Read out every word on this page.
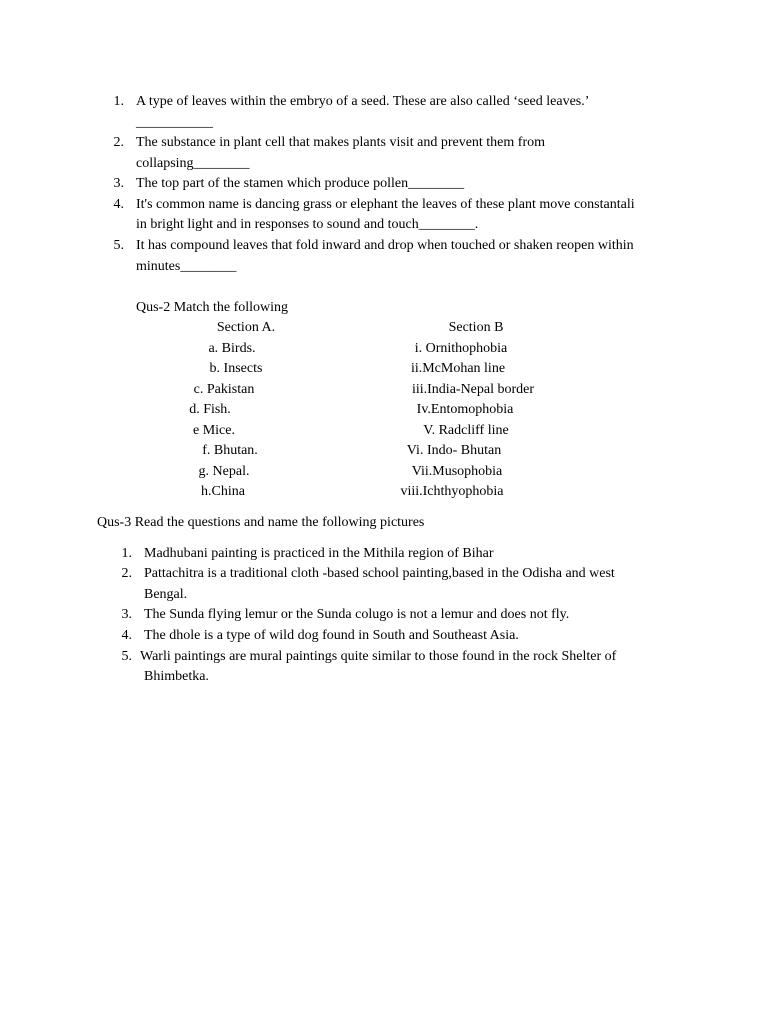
1. A type of leaves within the embryo of a seed. These are also called ‘seed leaves.’
___________
2. The substance in plant cell that makes plants visit and prevent them from
collapsing________
3. The top part of the stamen which produce pollen________
4. It's common name is dancing grass or elephant the leaves of these plant move constantali
in bright light and in responses to sound and touch________.
5. It has compound leaves that fold inward and drop when touched or shaken reopen within
minutes________
Qus-2 Match the following
Section A.	Section B
a. Birds.
b. Insects
c. Pakistan
d. Fish.
e Mice.
f. Bhutan.
g. Nepal.
h.China
i. Ornithophobia
ii.McMohan line
iii.India-Nepal border
Iv.Entomophobia
V. Radcliff line
Vi. Indo- Bhutan
Vii.Musophobia
viii.Ichthyophobia
Qus-3 Read the questions and name the following pictures
1. Madhubani painting is practiced in the Mithila region of Bihar
2. Pattachitra is a traditional cloth -based school painting,based in the Odisha and west
Bengal.
3. The Sunda flying lemur or the Sunda colugo is not a lemur and does not fly.
4. The dhole is a type of wild dog found in South and Southeast Asia.
5. Warli paintings are mural paintings quite similar to those found in the rock Shelter of
Bhimbetka.
